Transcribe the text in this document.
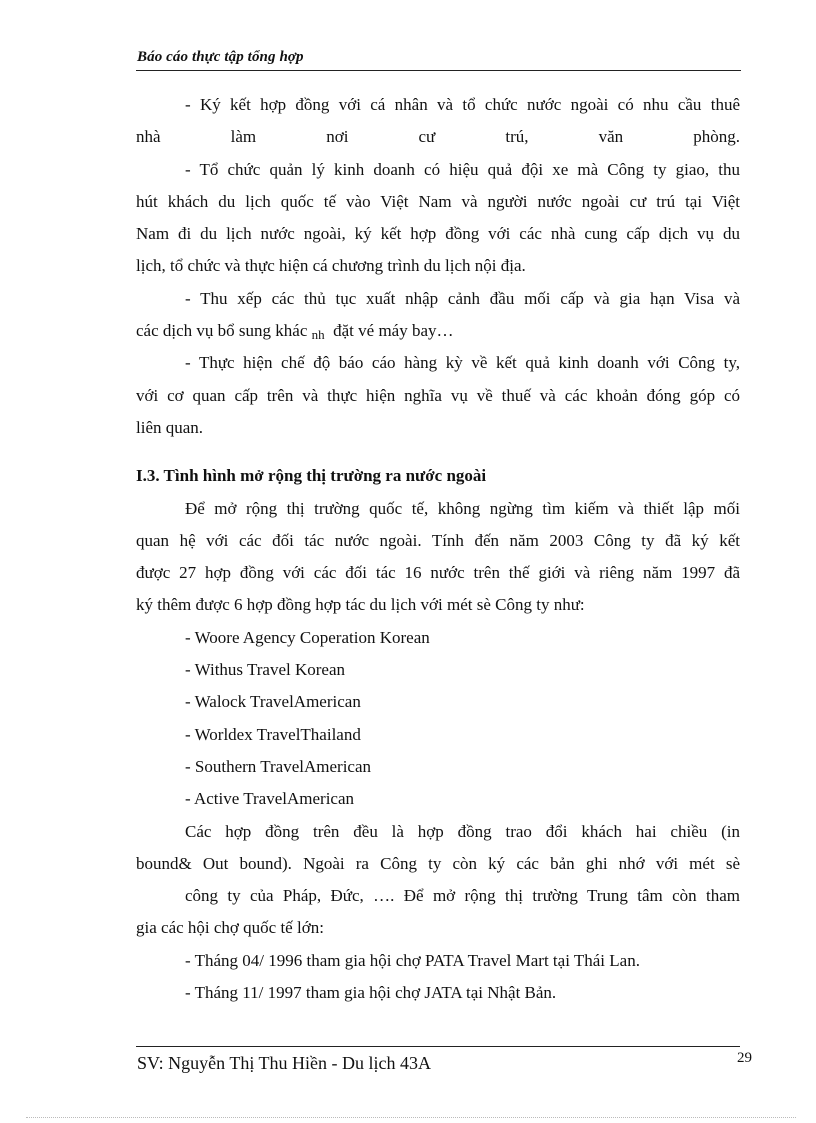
Báo cáo thực tập tổng hợp
- Ký kết hợp đồng với cá nhân và tổ chức nước ngoài có nhu cầu thuê
nhà	làm	nơi	cư	trú,	văn	phòng.
- Tổ chức quản lý kinh doanh có hiệu quả đội xe mà Công ty giao, thu
hút khách du lịch quốc tế vào Việt Nam và người nước ngoài cư trú tại Việt
Nam đi du lịch nước ngoài, ký kết hợp đồng với các nhà cung cấp dịch vụ du
lịch, tổ chức và thực hiện cá chương trình du lịch nội địa.
- Thu xếp các thủ tục xuất nhập cảnh đầu mối cấp và gia hạn Visa và
các dịch vụ bổ sung khác nh đặt vé máy bay…
- Thực hiện chế độ báo cáo hàng kỳ về kết quả kinh doanh với Công ty,
với cơ quan cấp trên và thực hiện nghĩa vụ về thuế và các khoản đóng góp có
liên quan.
I.3. Tình hình mở rộng thị trường ra nước ngoài
Để mở rộng thị trường quốc tế, không ngừng tìm kiếm và thiết lập mối
quan hệ với các đối tác nước ngoài. Tính đến năm 2003 Công ty đã ký kết
được 27 hợp đồng với các đối tác 16 nước trên thế giới và riêng năm 1997 đã
ký thêm được 6 hợp đồng hợp tác du lịch với mét sè Công ty như:
- Woore Agency Coperation Korean
- Withus Travel Korean
- Walock TravelAmerican
- Worldex TravelThailand
- Southern TravelAmerican
- Active TravelAmerican
Các hợp đồng trên đều là hợp đồng trao đổi khách hai chiều (in
bound& Out bound). Ngoài ra Công ty còn ký các bản ghi nhớ với mét sè
công ty của Pháp, Đức, …. Để mở rộng thị trường Trung tâm còn tham
gia các hội chợ quốc tế lớn:
- Tháng 04/ 1996 tham gia hội chợ PATA Travel Mart tại Thái Lan.
- Tháng 11/ 1997 tham gia hội chợ JATA tại Nhật Bản.
SV: Nguyễn Thị Thu Hiền - Du lịch 43A	29
